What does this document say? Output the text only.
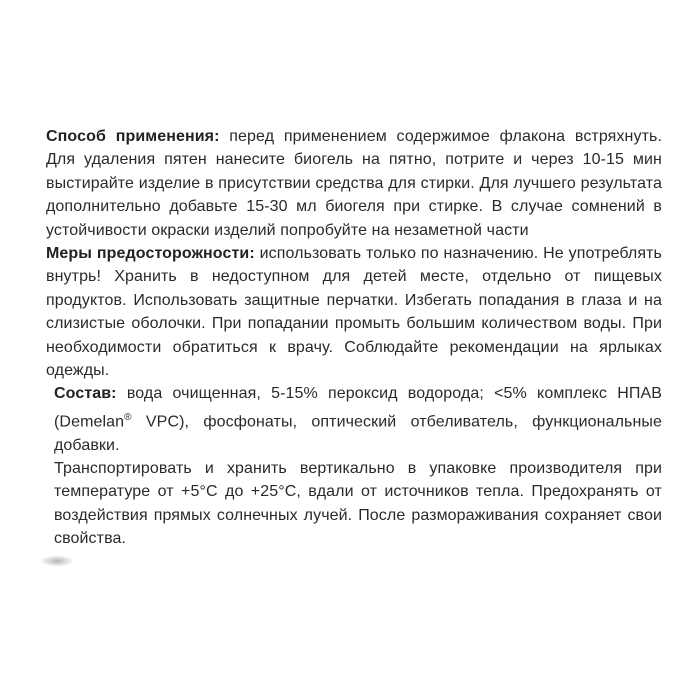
Способ применения: перед применением содержимое флакона встряхнуть. Для удаления пятен нанесите биогель на пятно, потрите и через 10-15 мин выстирайте изделие в присутствии средства для стирки. Для лучшего результата дополнительно добавьте 15-30 мл биогеля при стирке. В случае сомнений в устойчивости окраски изделий попробуйте на незаметной части

Меры предосторожности: использовать только по назначению. Не употреблять внутрь! Хранить в недоступном для детей месте, отдельно от пищевых продуктов. Использовать защитные перчатки. Избегать попадания в глаза и на слизистые оболочки. При попадании промыть большим количеством воды. При необходимости обратиться к врачу. Соблюдайте рекомендации на ярлыках одежды.

Состав: вода очищенная, 5-15% пероксид водорода; <5% комплекс НПАВ (Demelan® VPC), фосфонаты, оптический отбеливатель, функциональные добавки.

Транспортировать и хранить вертикально в упаковке производителя при температуре от +5°С до +25°С, вдали от источников тепла. Предохранять от воздействия прямых солнечных лучей. После размораживания сохраняет свои свойства.
